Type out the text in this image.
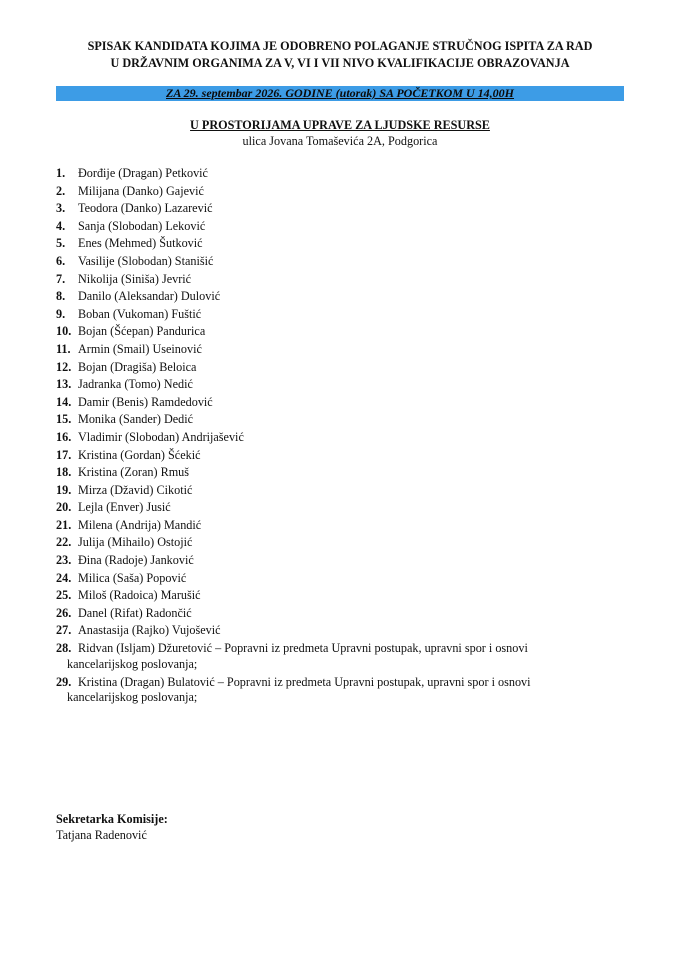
SPISAK KANDIDATA KOJIMA JE ODOBRENO POLAGANJE STRUČNOG ISPITA ZA RAD
U DRŽAVNIM ORGANIMA ZA V, VI I VII NIVO KVALIFIKACIJE OBRAZOVANJA
ZA 29. septembar 2026. GODINE (utorak) SA POČETKOM U 14,00H
U PROSTORIJAMA UPRAVE ZA LJUDSKE RESURSE
ulica Jovana Tomaševića 2A, Podgorica
1. Đorđije (Dragan) Petković
2. Milijana (Danko) Gajević
3. Teodora (Danko) Lazarević
4. Sanja (Slobodan) Leković
5. Enes (Mehmed) Šutković
6. Vasilije (Slobodan) Stanišić
7. Nikolija (Siniša) Jevrić
8. Danilo (Aleksandar) Dulović
9. Boban (Vukoman) Fuštić
10. Bojan (Šćepan) Pandurica
11. Armin (Smail) Useinović
12. Bojan (Dragiša) Beloica
13. Jadranka (Tomo) Nedić
14. Damir (Benis) Ramdedović
15. Monika (Sander) Dedić
16. Vladimir (Slobodan) Andrijašević
17. Kristina (Gordan) Šćekić
18. Kristina (Zoran) Rmuš
19. Mirza (Džavid) Cikotić
20. Lejla (Enver) Jusić
21. Milena (Andrija) Mandić
22. Julija (Mihailo) Ostojić
23. Đina (Radoje) Janković
24. Milica (Saša) Popović
25. Miloš (Radoica) Marušić
26. Danel (Rifat) Radončić
27. Anastasija (Rajko) Vujošević
28. Ridvan (Isljam) Džuretović – Popravni iz predmeta Upravni postupak, upravni spor i osnovi
kancelarijskog poslovanja;
29. Kristina (Dragan) Bulatović – Popravni iz predmeta Upravni postupak, upravni spor i osnovi
kancelarijskog poslovanja;
Sekretarka Komisije:
Tatjana Radenović
